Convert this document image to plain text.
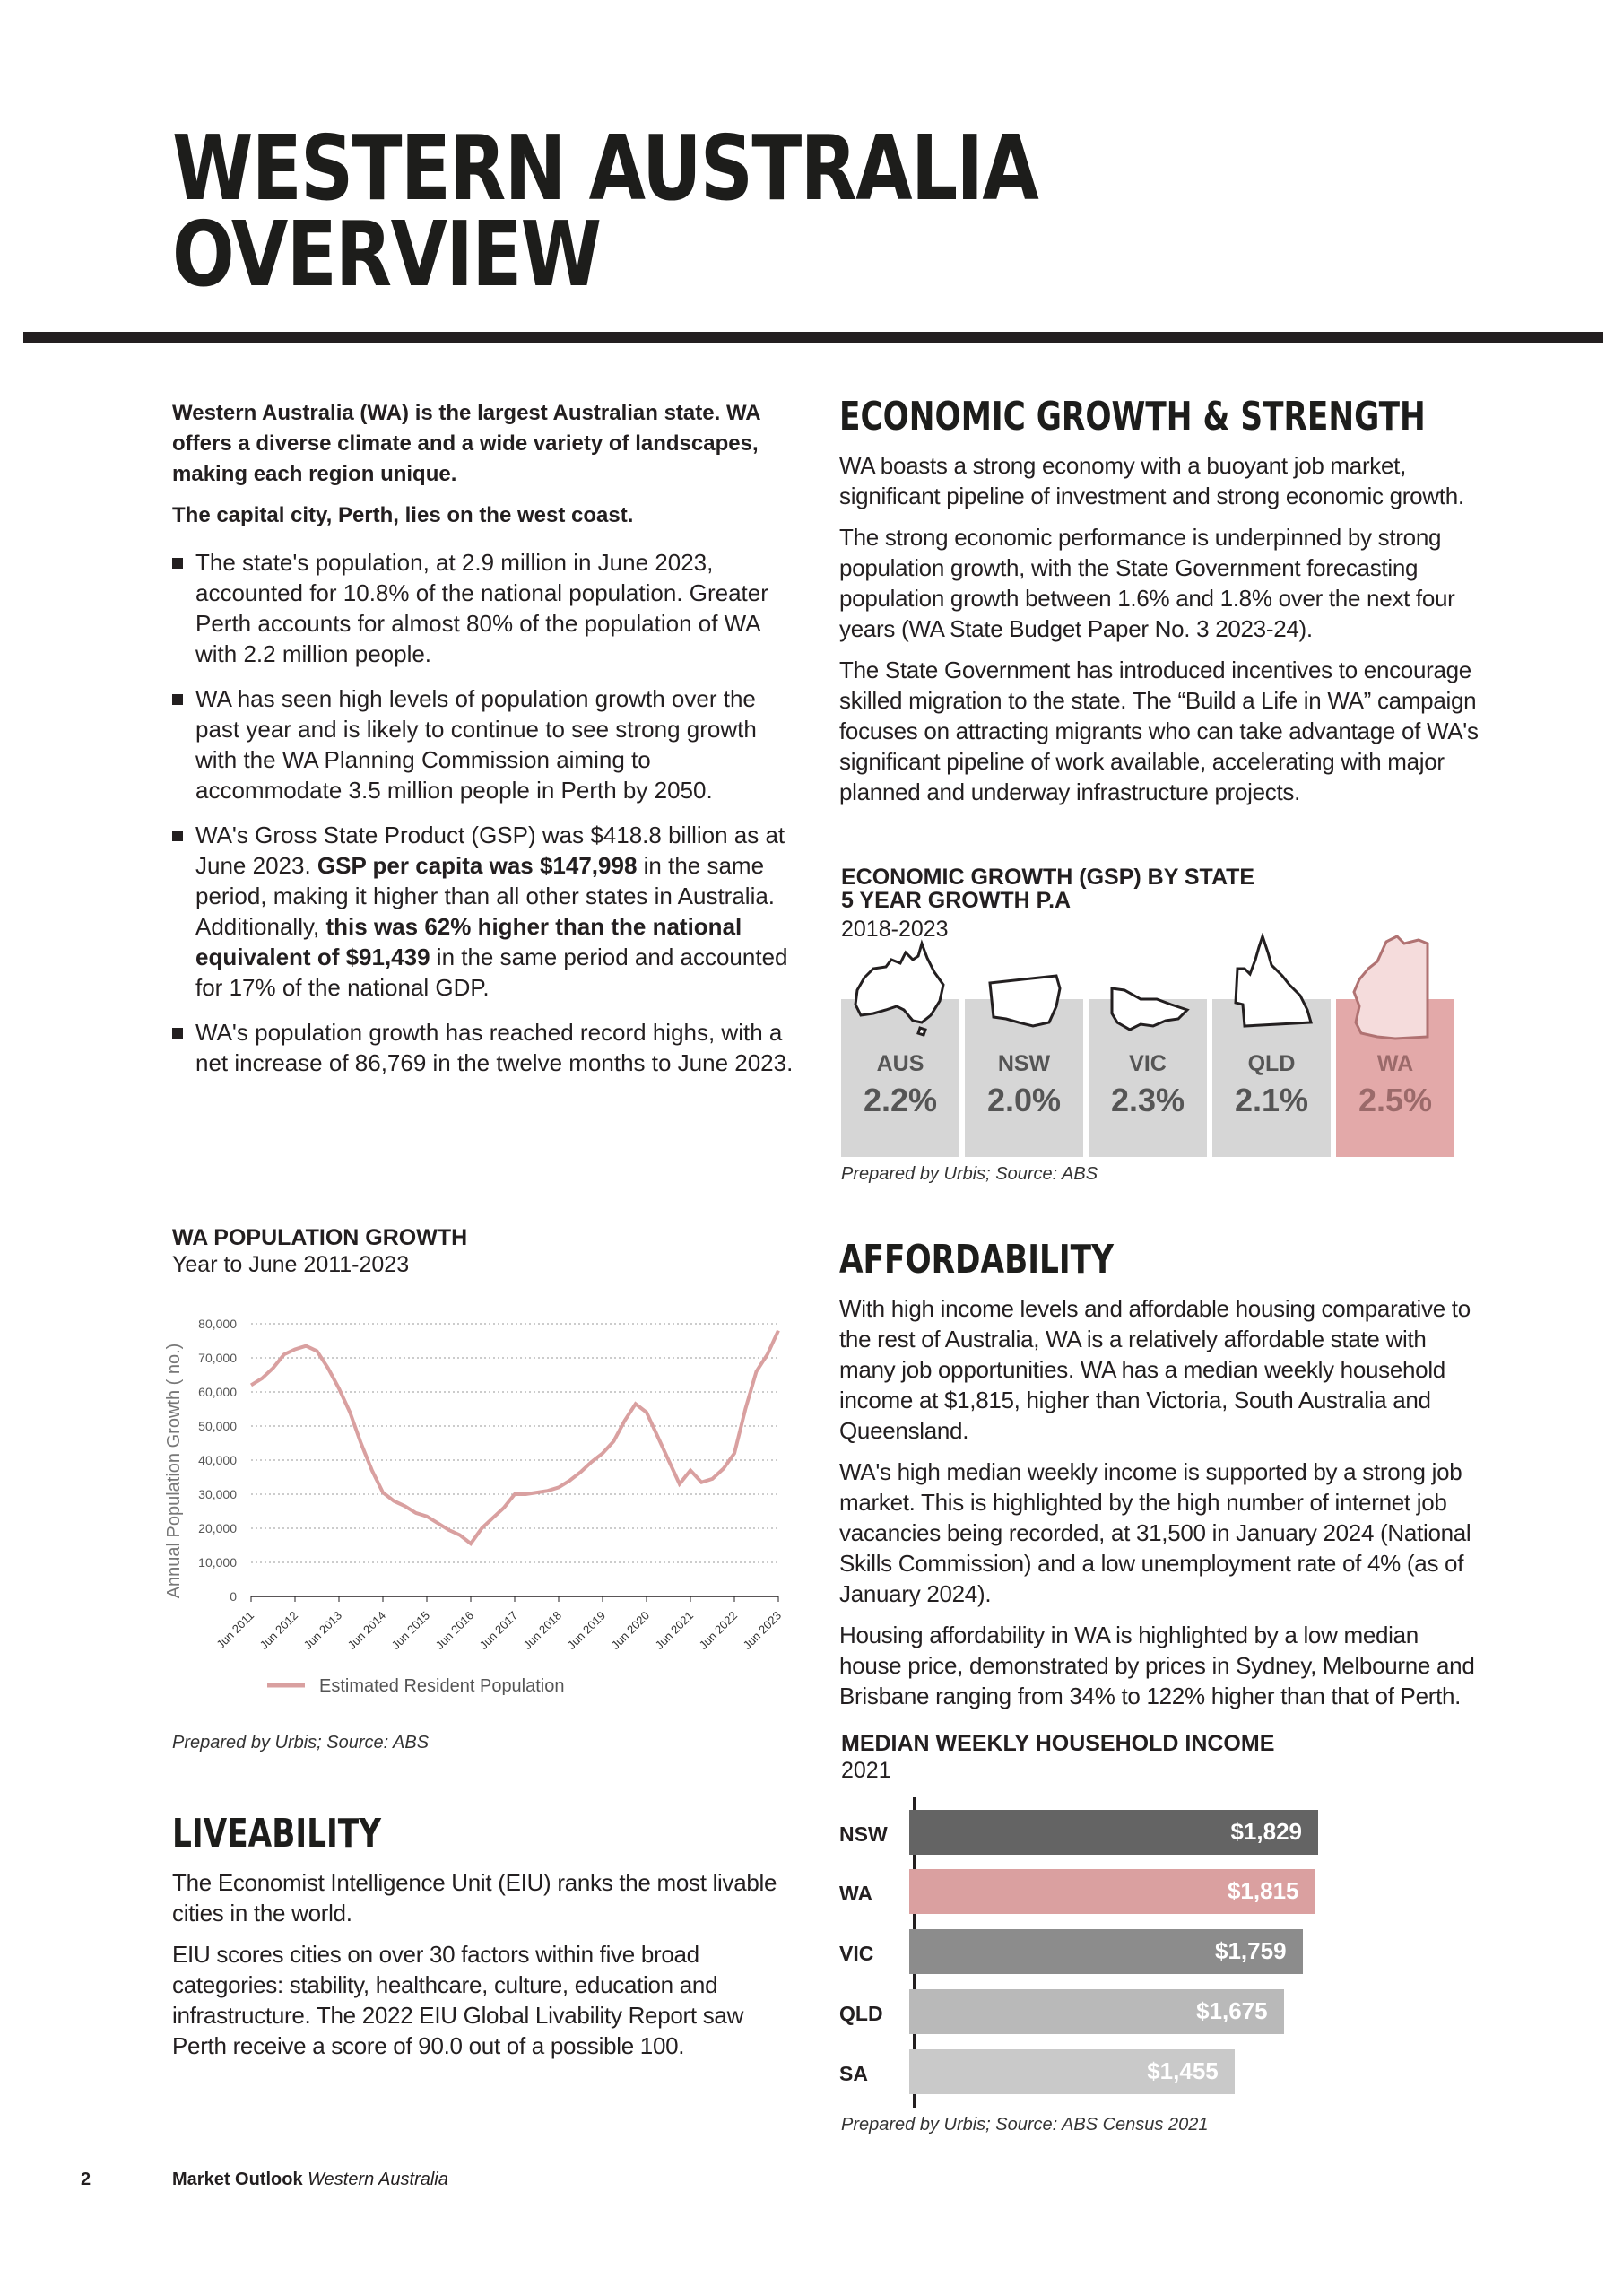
WESTERN AUSTRALIA
OVERVIEW

Western Australia (WA) is the largest Australian state. WA offers a diverse climate and a wide variety of landscapes, making each region unique.

The capital city, Perth, lies on the west coast.

The state's population, at 2.9 million in June 2023, accounted for 10.8% of the national population. Greater Perth accounts for almost 80% of the population of WA with 2.2 million people.
WA has seen high levels of population growth over the past year and is likely to continue to see strong growth with the WA Planning Commission aiming to accommodate 3.5 million people in Perth by 2050.
WA's Gross State Product (GSP) was $418.8 billion as at June 2023. GSP per capita was $147,998 in the same period, making it higher than all other states in Australia. Additionally, this was 62% higher than the national equivalent of $91,439 in the same period and accounted for 17% of the national GDP.
WA's population growth has reached record highs, with a net increase of 86,769 in the twelve months to June 2023.
ECONOMIC GROWTH & STRENGTH

WA boasts a strong economy with a buoyant job market, significant pipeline of investment and strong economic growth.

The strong economic performance is underpinned by strong population growth, with the State Government forecasting population growth between 1.6% and 1.8% over the next four years (WA State Budget Paper No. 3 2023-24).

The State Government has introduced incentives to encourage skilled migration to the state. The “Build a Life in WA” campaign focuses on attracting migrants who can take advantage of WA's significant pipeline of work available, accelerating with major planned and underway infrastructure projects.

ECONOMIC GROWTH (GSP) BY STATE
5 YEAR GROWTH P.A
2018-2023
AUS
2.2%
NSW
2.0%
VIC
2.3%
QLD
2.1%
WA
2.5%
Prepared by Urbis; Source: ABS
WA POPULATION GROWTH
Year to June 2011-2023
Annual Population Growth ( no.)
80,000
70,000
60,000
50,000
40,000
30,000
20,000
10,000
0
Jun 2011 Jun 2012 Jun 2013 Jun 2014 Jun 2015 Jun 2016 Jun 2017 Jun 2018 Jun 2019 Jun 2020 Jun 2021 Jun 2022 Jun 2023
Estimated Resident Population
Prepared by Urbis; Source: ABS
AFFORDABILITY

With high income levels and affordable housing comparative to the rest of Australia, WA is a relatively affordable state with many job opportunities. WA has a median weekly household income at $1,815, higher than Victoria, South Australia and Queensland.

WA's high median weekly income is supported by a strong job market. This is highlighted by the high number of internet job vacancies being recorded, at 31,500 in January 2024 (National Skills Commission) and a low unemployment rate of 4% (as of January 2024).

Housing affordability in WA is highlighted by a low median house price, demonstrated by prices in Sydney, Melbourne and Brisbane ranging from 34% to 122% higher than that of Perth.

MEDIAN WEEKLY HOUSEHOLD INCOME
2021
NSW	$1,829
WA	$1,815
VIC	$1,759
QLD	$1,675
SA	$1,455
Prepared by Urbis; Source: ABS Census 2021
LIVEABILITY

The Economist Intelligence Unit (EIU) ranks the most livable cities in the world.

EIU scores cities on over 30 factors within five broad categories: stability, healthcare, culture, education and infrastructure. The 2022 EIU Global Livability Report saw Perth receive a score of 90.0 out of a possible 100.

2	Market Outlook Western Australia
